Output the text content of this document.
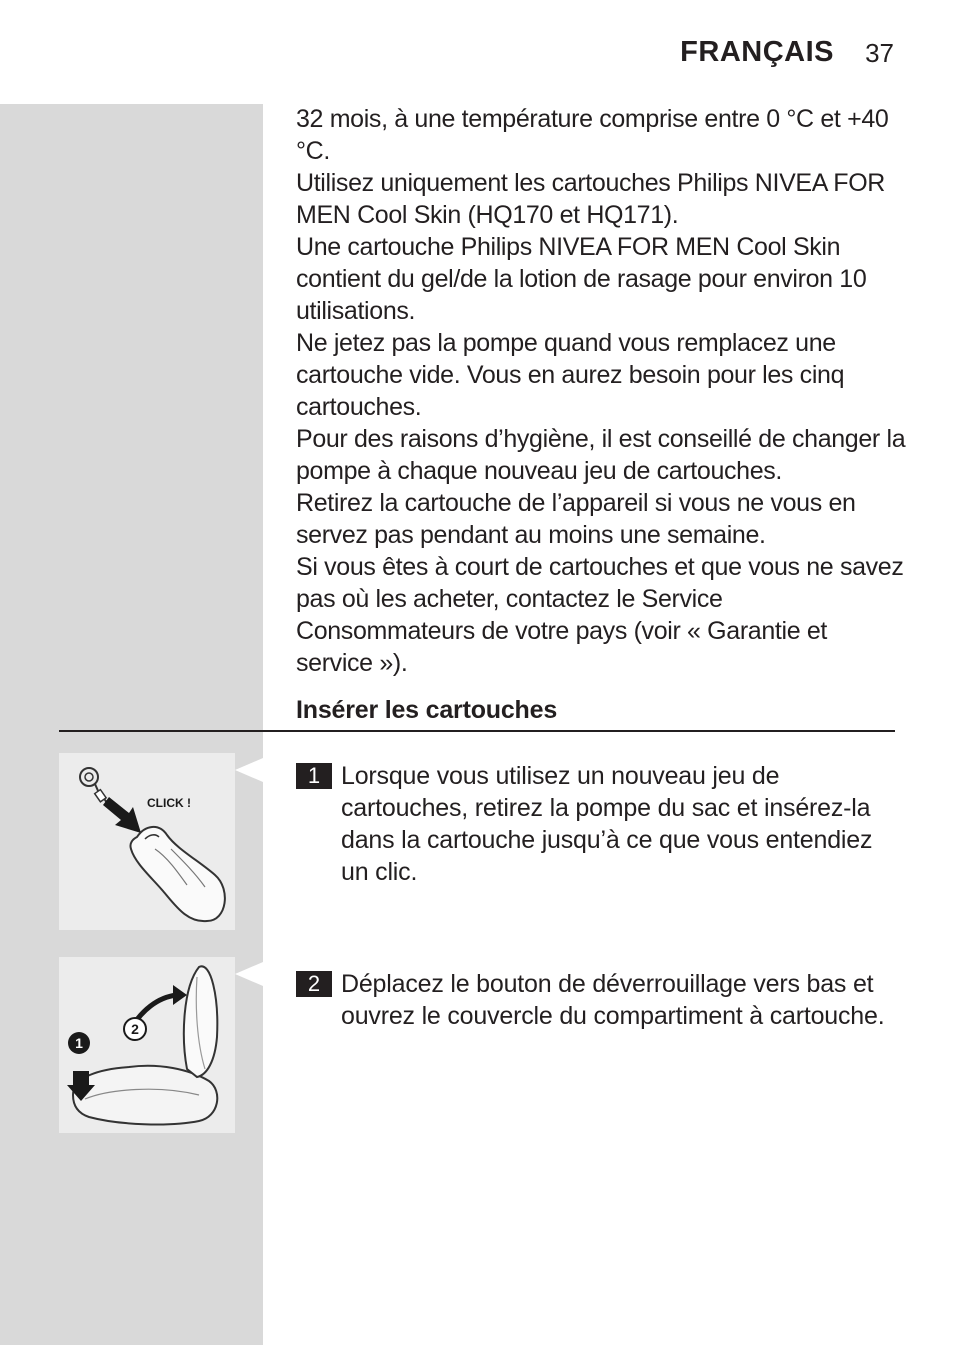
FRANÇAIS	37

32 mois, à une température comprise entre 0 °C et +40 °C.

Utilisez uniquement les cartouches Philips NIVEA FOR MEN Cool Skin (HQ170 et HQ171).

Une cartouche Philips NIVEA FOR MEN Cool Skin contient du gel/de la lotion de rasage pour environ 10 utilisations.

Ne jetez pas la pompe quand vous remplacez une cartouche vide. Vous en aurez besoin pour les cinq cartouches.

Pour des raisons d’hygiène, il est conseillé de changer la pompe à chaque nouveau jeu de cartouches.

Retirez la cartouche de l’appareil si vous ne vous en servez pas pendant au moins une semaine.

Si vous êtes à court de cartouches et que vous ne savez pas où les acheter, contactez le Service Consommateurs de votre pays (voir « Garantie et service »).

Insérer les cartouches
CLICK !
1
2
1 Lorsque vous utilisez un nouveau jeu de cartouches, retirez la pompe du sac et insérez-la dans la cartouche jusqu’à ce que vous entendiez un clic.
2 Déplacez le bouton de déverrouillage vers bas et ouvrez le couvercle du compartiment à cartouche.
